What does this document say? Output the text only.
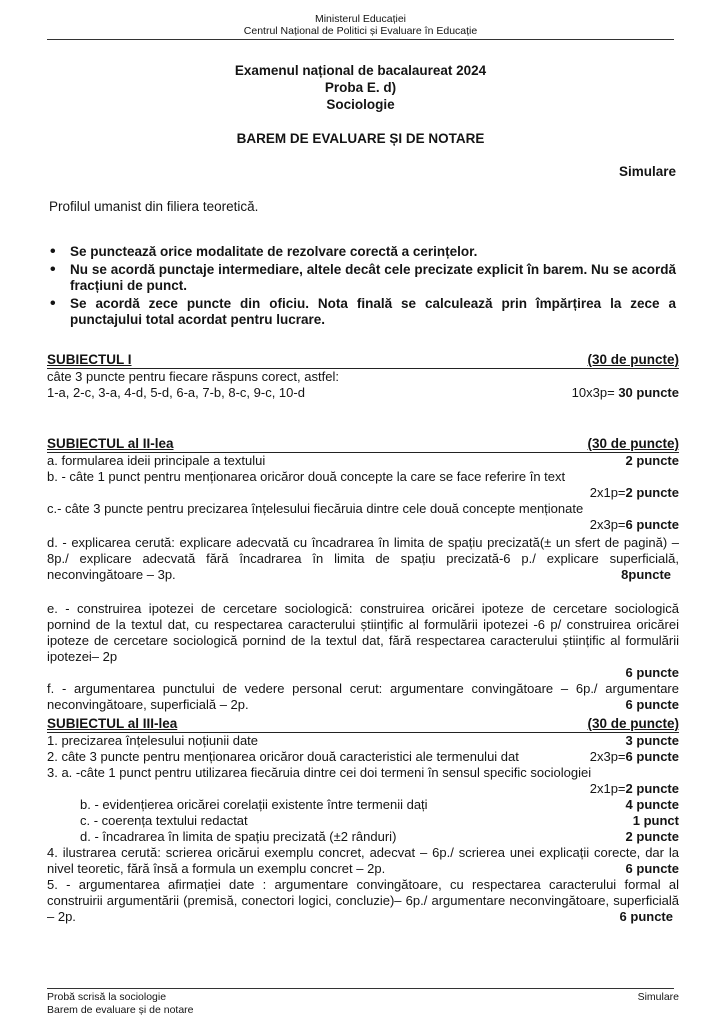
Ministerul Educației
Centrul Național de Politici și Evaluare în Educație
Examenul național de bacalaureat 2024
Proba E. d)
Sociologie
BAREM DE EVALUARE ȘI DE NOTARE
Simulare
Profilul umanist din filiera teoretică.
• Se punctează orice modalitate de rezolvare corectă a cerințelor.
• Nu se acordă punctaje intermediare, altele decât cele precizate explicit în barem. Nu se acordă fracțiuni de punct.
• Se acordă zece puncte din oficiu. Nota finală se calculează prin împărțirea la zece a punctajului total acordat pentru lucrare.
SUBIECTUL I	(30 de puncte)
câte 3 puncte pentru fiecare răspuns corect, astfel:
1-a, 2-c, 3-a, 4-d, 5-d, 6-a, 7-b, 8-c, 9-c, 10-d	10x3p= 30 puncte
SUBIECTUL al II-lea	(30 de puncte)
a. formularea ideii principale a textului	2 puncte
b. - câte 1 punct pentru menționarea oricăror două concepte la care se face referire în text
2x1p=2 puncte
c.- câte 3 puncte pentru precizarea înțelesului fiecăruia dintre cele două concepte menționate
2x3p=6 puncte
d. - explicarea cerută: explicare adecvată cu încadrarea în limita de spațiu precizată(± un sfert de pagină) – 8p./ explicare adecvată fără încadrarea în limita de spațiu precizată-6 p./ explicare superficială, neconvingătoare – 3p.	8puncte
e. - construirea ipotezei de cercetare sociologică: construirea oricărei ipoteze de cercetare sociologică pornind de la textul dat, cu respectarea caracterului științific al formulării ipotezei -6 p/ construirea oricărei ipoteze de cercetare sociologică pornind de la textul dat, fără respectarea caracterului științific al formulării ipotezei– 2p
6 puncte
f. - argumentarea punctului de vedere personal cerut: argumentare convingătoare – 6p./ argumentare neconvingătoare, superficială – 2p.	6 puncte
SUBIECTUL al III-lea	(30 de puncte)
1. precizarea înțelesului noțiunii date	3 puncte
2. câte 3 puncte pentru menționarea oricăror două caracteristici ale termenului dat	2x3p=6 puncte
3. a. -câte 1 punct pentru utilizarea fiecăruia dintre cei doi termeni în sensul specific sociologiei
2x1p=2 puncte
b. - evidențierea oricărei corelații existente între termenii dați	4 puncte
c. - coerența textului redactat	1 punct
d. - încadrarea în limita de spațiu precizată (±2 rânduri)	2 puncte
4. ilustrarea cerută: scrierea oricărui exemplu concret, adecvat – 6p./ scrierea unei explicații corecte, dar la nivel teoretic, fără însă a formula un exemplu concret – 2p.	6 puncte
5. - argumentarea afirmației date : argumentare convingătoare, cu respectarea caracterului formal al construirii argumentării (premisă, conectori logici, concluzie)– 6p./ argumentare neconvingătoare, superficială – 2p.	6 puncte
Probă scrisă la sociologie
Barem de evaluare și de notare
Simulare
